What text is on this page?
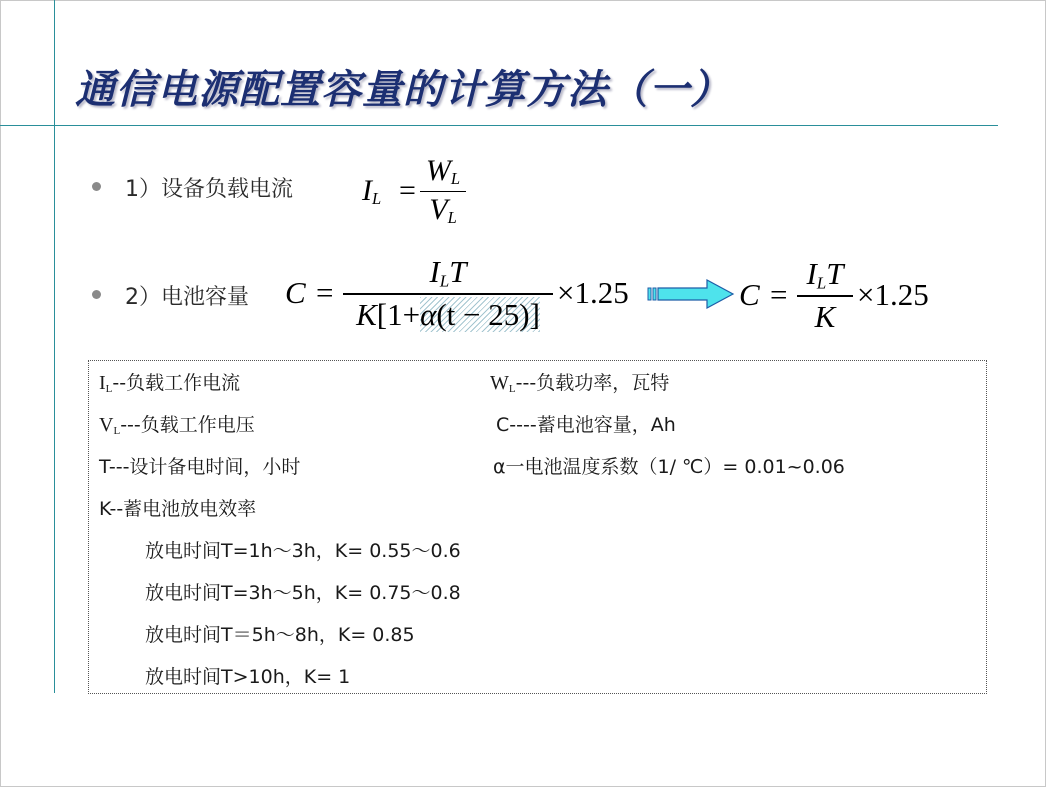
通信电源配置容量的计算方法（一）
1）设备负载电流 $I_L$ =
$W_L$
$V_L$
2）电池容量 C =
$I_LT$
K[1+α(t − 25)]
×1.25	C =
$I_LT$
K
×1.25
$I_L--$负载工作电流
$V_L---$负载工作电压
T---设计备电时间，小时
K--蓄电池放电效率
$W_L---$负载功率，瓦特
C----蓄电池容量，Ah
α一电池温度系数（1/ ℃）= 0.01~0.06
放电时间T=1h～3h，K= 0.55～0.6
放电时间T=3h～5h，K= 0.75～0.8
放电时间T＝5h～8h，K= 0.85
放电时间T>10h，K= 1
